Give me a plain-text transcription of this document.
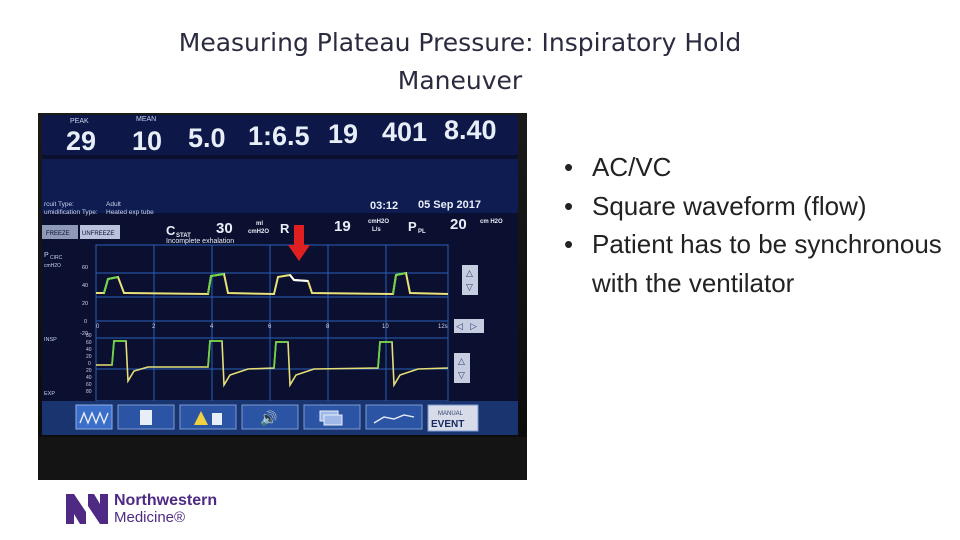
Measuring Plateau Pressure: Inspiratory Hold Maneuver
PEAK	MEAN
29 10 5.0 1:6.5 19 401 8.40
rcuit Type:
umidification Type:
Adult
Heated exp tube
03:12 05 Sep 2017
FREEZE UNFREEZE	C STAT 30	ml
cmH2O R	19	cmH2O
L/s P PL 20 cm H2O
Incomplete exhalation
P CIRC
cmH2O	60
40
20
0
-20
0	2	4	6	8	10	12s
INSP
EXP
80
60
40
20
0
20
40
60
80
△
▽
◁ ▷
△
▽
🔊	MANUAL
EVENT
• AC/VC
• Square waveform (flow)
• Patient has to be synchronous with the ventilator
Northwestern
Medicine®
